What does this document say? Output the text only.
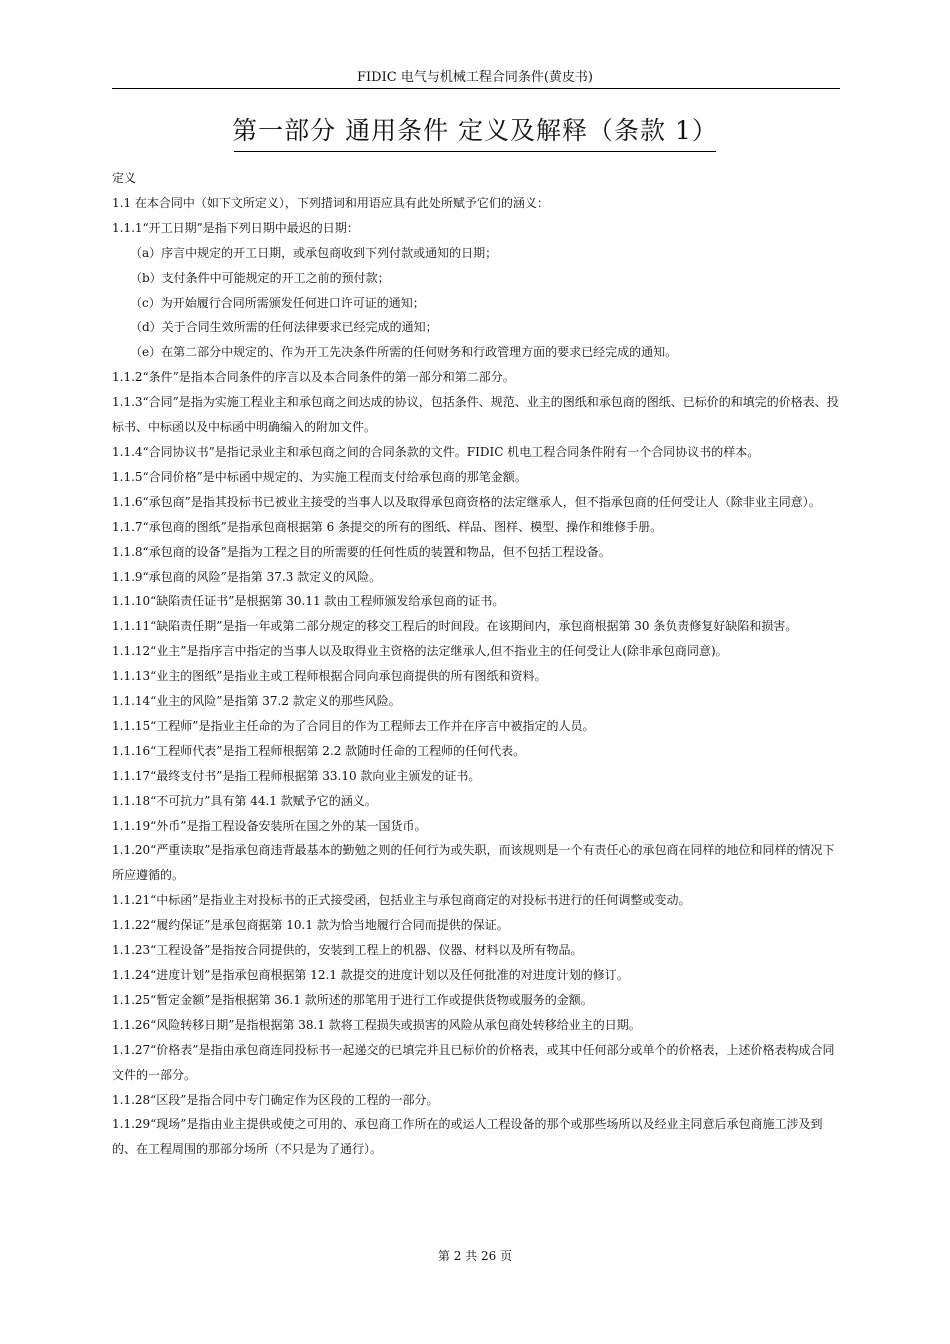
FIDIC 电气与机械工程合同条件(黄皮书)
第一部分 通用条件 定义及解释（条款 1）

定义

1.1 在本合同中（如下文所定义），下列措词和用语应具有此处所赋予它们的涵义：

1.1.1“开工日期”是指下列日期中最迟的日期：

（a）序言中规定的开工日期，或承包商收到下列付款或通知的日期；

（b）支付条件中可能规定的开工之前的预付款；

（c）为开始履行合同所需颁发任何进口许可证的通知；

（d）关于合同生效所需的任何法律要求已经完成的通知；

（e）在第二部分中规定的、作为开工先决条件所需的任何财务和行政管理方面的要求已经完成的通知。

1.1.2“条件”是指本合同条件的序言以及本合同条件的第一部分和第二部分。

1.1.3“合同”是指为实施工程业主和承包商之间达成的协议，包括条件、规范、业主的图纸和承包商的图纸、已标价的和填完的价格表、投标书、中标函以及中标函中明确编入的附加文件。

1.1.4“合同协议书”是指记录业主和承包商之间的合同条款的文件。FIDIC 机电工程合同条件附有一个合同协议书的样本。

1.1.5“合同价格”是中标函中规定的、为实施工程而支付给承包商的那笔金额。

1.1.6“承包商”是指其投标书已被业主接受的当事人以及取得承包商资格的法定继承人，但不指承包商的任何受让人（除非业主同意）。

1.1.7“承包商的图纸”是指承包商根据第 6 条提交的所有的图纸、样品、图样、模型、操作和维修手册。

1.1.8“承包商的设备”是指为工程之目的所需要的任何性质的装置和物品，但不包括工程设备。

1.1.9“承包商的风险”是指第 37.3 款定义的风险。

1.1.10“缺陷责任证书”是根据第 30.11 款由工程师颁发给承包商的证书。

1.1.11“缺陷责任期”是指一年或第二部分规定的移交工程后的时间段。在该期间内，承包商根据第 30 条负责修复好缺陷和损害。

1.1.12“业主”是指序言中指定的当事人以及取得业主资格的法定继承人,但不指业主的任何受让人(除非承包商同意)。

1.1.13“业主的图纸”是指业主或工程师根据合同向承包商提供的所有图纸和资料。

1.1.14“业主的风险”是指第 37.2 款定义的那些风险。

1.1.15“工程师”是指业主任命的为了合同目的作为工程师去工作并在序言中被指定的人员。

1.1.16“工程师代表”是指工程师根据第 2.2 款随时任命的工程师的任何代表。

1.1.17“最终支付书”是指工程师根据第 33.10 款向业主颁发的证书。

1.1.18“不可抗力”具有第 44.1 款赋予它的涵义。

1.1.19“外币”是指工程设备安装所在国之外的某一国货币。

1.1.20“严重读取”是指承包商违背最基本的勤勉之则的任何行为或失职，而该规则是一个有责任心的承包商在同样的地位和同样的情况下所应遵循的。

1.1.21“中标函”是指业主对投标书的正式接受函，包括业主与承包商商定的对投标书进行的任何调整或变动。

1.1.22“履约保证”是承包商据第 10.1 款为恰当地履行合同而提供的保证。

1.1.23“工程设备”是指按合同提供的，安装到工程上的机器、仪器、材料以及所有物品。

1.1.24“进度计划”是指承包商根据第 12.1 款提交的进度计划以及任何批准的对进度计划的修订。

1.1.25“暂定金额”是指根据第 36.1 款所述的那笔用于进行工作或提供货物或服务的金额。

1.1.26“风险转移日期”是指根据第 38.1 款将工程损失或损害的风险从承包商处转移给业主的日期。

1.1.27“价格表”是指由承包商连同投标书一起递交的已填完并且已标价的价格表，或其中任何部分或单个的价格表，上述价格表构成合同文件的一部分。

1.1.28“区段”是指合同中专门确定作为区段的工程的一部分。

1.1.29“现场”是指由业主提供或使之可用的、承包商工作所在的或运人工程设备的那个或那些场所以及经业主同意后承包商施工涉及到的、在工程周围的那部分场所（不只是为了通行）。

第 2 共 26 页
